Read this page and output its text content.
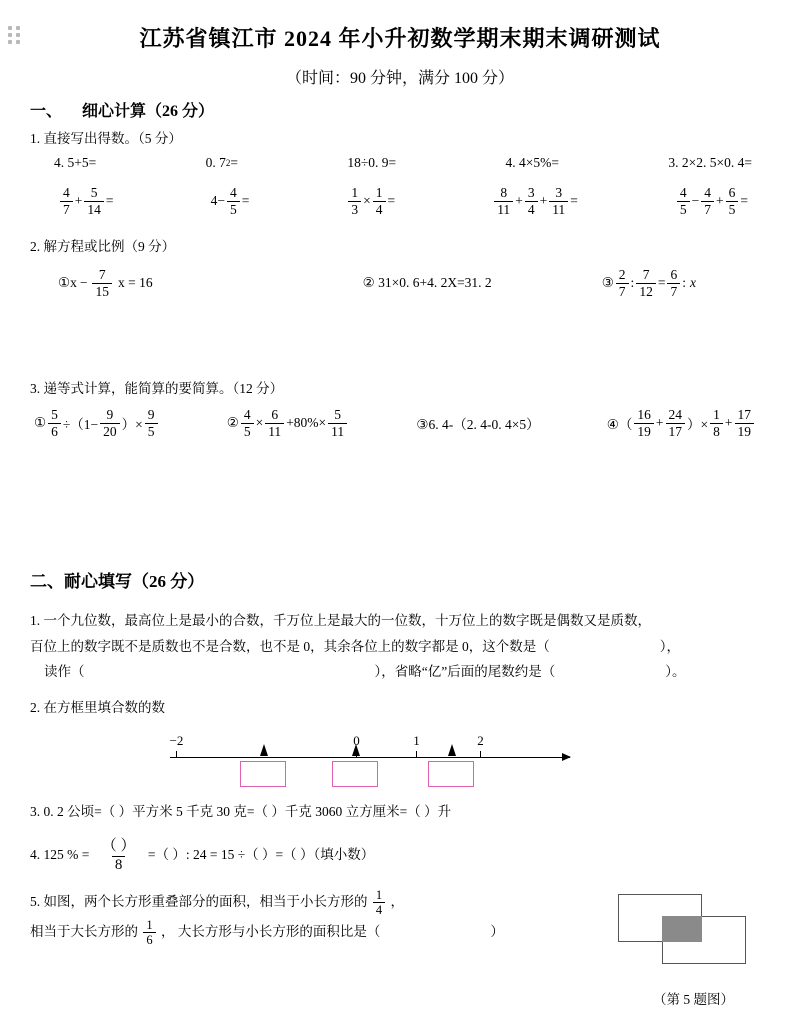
江苏省镇江市 2024 年小升初数学期末期末调研测试
（时间：90 分钟，满分 100 分）
一、 细心计算（26 分）
1. 直接写出得数。（5 分）
4. 5+5=	0. 7 2 =	18÷0. 9=	4. 4×5%=	3. 2×2. 5×0. 4=
$\frac{4}{7} + \frac{5}{14}$ =	$4 - \frac{4}{5}$ =	$\frac{1}{3} \times \frac{1}{4}$ =	$\frac{8}{11} + \frac{3}{4} + \frac{3}{11}$ =	$\frac{4}{5} - \frac{4}{7} + \frac{6}{5}$ =
2. 解方程或比例（9 分）
①x − $\frac{7}{15}$ x = 16	② 31×0. 6+4. 2X=31. 2	③ $\frac{2}{7}$ : $\frac{7}{12} = \frac{6}{7}$ : x
3. 递等式计算，能简算的要简算。（12 分）
① $\frac{5}{6} \div(1- \frac{9}{20}$ ）× $\frac{9}{5}$	② $\frac{4}{5} \times \frac{6}{11} +80\%\times \frac{5}{11}$	③6. 4-（2. 4-0. 4×5）	④（ $\frac{16}{19} + \frac{24}{17}$ ）× $\frac{1}{8} + \frac{17}{19}$
二、耐心填写（26 分）
1. 一个九位数，最高位上是最小的合数，千万位上是最大的一位数，十万位上的数字既是偶数又是质数，
百位上的数字既不是质数也不是合数，也不是 0，其余各位上的数字都是 0，这个数是（	），
读作（	），省略“亿”后面的尾数约是（	）。
2. 在方框里填合数的数
−2	0	1	2
3. 0. 2 公顷=（ ）平方米 5 千克 30 克=（ ）千克 3060 立方厘米=（ ）升
4. 125 % = $\frac{( )}{8}$ =（ ）: 24 = 15 ÷（ ）=（ ）（填小数）
5. 如图，两个长方形重叠部分的面积，相当于小长方形的 $\frac{1}{4}$ ，
相当于大长方形的 $\frac{1}{6}$ ， 大长方形与小长方形的面积比是（	）
（第 5 题图）
